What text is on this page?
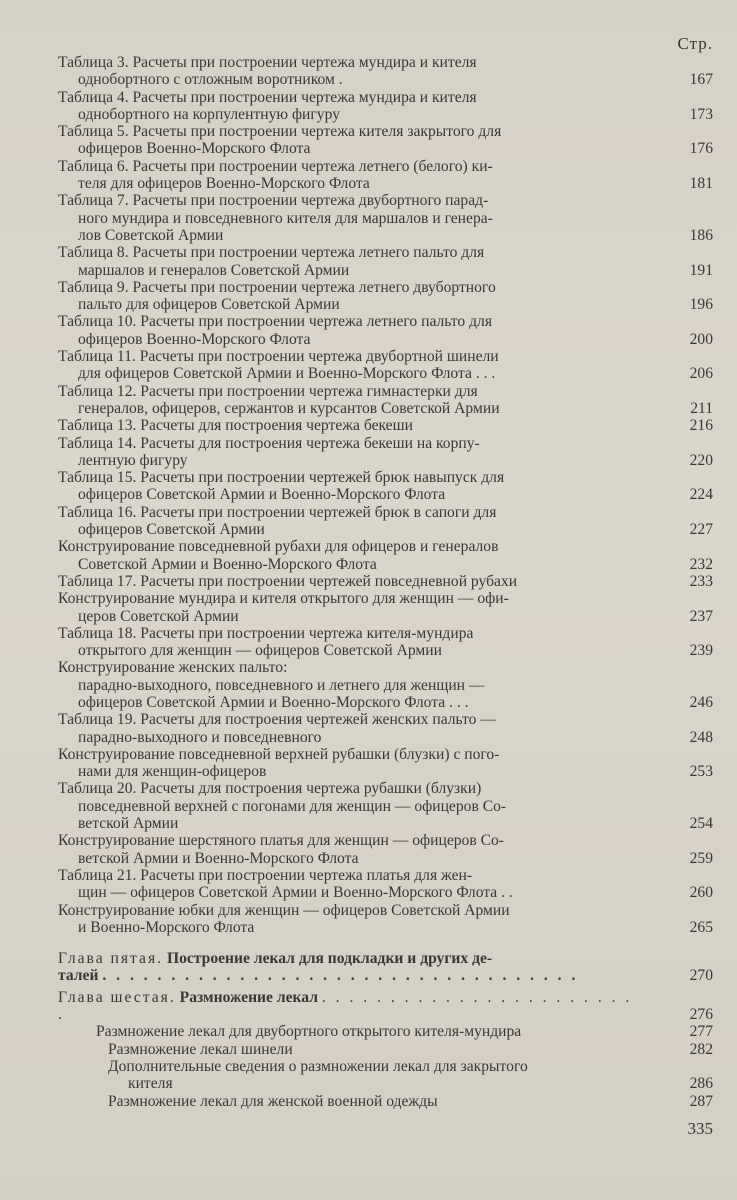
Стр.
Таблица 3. Расчеты при построении чертежа мундира и кителя
однобортного с отложным воротником .	167
Таблица 4. Расчеты при построении чертежа мундира и кителя
однобортного на корпулентную фигуру	173
Таблица 5. Расчеты при построении чертежа кителя закрытого для
офицеров Военно-Морского Флота	176
Таблица 6. Расчеты при построении чертежа летнего (белого) ки-
теля для офицеров Военно-Морского Флота	181
Таблица 7. Расчеты при построении чертежа двубортного парад-
ного мундира и повседневного кителя для маршалов и генера-
лов Советской Армии	186
Таблица 8. Расчеты при построении чертежа летнего пальто для
маршалов и генералов Советской Армии	191
Таблица 9. Расчеты при построении чертежа летнего двубортного
пальто для офицеров Советской Армии	196
Таблица 10. Расчеты при построении чертежа летнего пальто для
офицеров Военно-Морского Флота	200
Таблица 11. Расчеты при построении чертежа двубортной шинели
для офицеров Советской Армии и Военно-Морского Флота . . .	206
Таблица 12. Расчеты при построении чертежа гимнастерки для
генералов, офицеров, сержантов и курсантов Советской Армии	211
Таблица 13. Расчеты для построения чертежа бекеши	216
Таблица 14. Расчеты для построения чертежа бекеши на корпу-
лентную фигуру	220
Таблица 15. Расчеты при построении чертежей брюк навыпуск для
офицеров Советской Армии и Военно-Морского Флота	224
Таблица 16. Расчеты при построении чертежей брюк в сапоги для
офицеров Советской Армии	227
Конструирование повседневной рубахи для офицеров и генералов
Советской Армии и Военно-Морского Флота	232
Таблица 17. Расчеты при построении чертежей повседневной рубахи	233
Конструирование мундира и кителя открытого для женщин — офи-
церов Советской Армии	237
Таблица 18. Расчеты при построении чертежа кителя-мундира
открытого для женщин — офицеров Советской Армии	239
Конструирование женских пальто:
парадно-выходного, повседневного и летнего для женщин —
офицеров Советской Армии и Военно-Морского Флота . . .	246
Таблица 19. Расчеты для построения чертежей женских пальто —
парадно-выходного и повседневного	248
Конструирование повседневной верхней рубашки (блузки) с пого-
нами для женщин-офицеров	253
Таблица 20. Расчеты для построения чертежа рубашки (блузки)
повседневной верхней с погонами для женщин — офицеров Со-
ветской Армии	254
Конструирование шерстяного платья для женщин — офицеров Со-
ветской Армии и Военно-Морского Флота	259
Таблица 21. Расчеты при построении чертежа платья для жен-
щин — офицеров Советской Армии и Военно-Морского Флота . .	260
Конструирование юбки для женщин — офицеров Советской Армии
и Военно-Морского Флота	265
Глава пятая. Построение лекал для подкладки и других де-
талей . . . . . . . . . . . . . . . . . . . . . . . . . . . . . . . . . . .	270
Глава шестая. Размножение лекал . . . . . . . . . . . . . . . . . . . . . . . .	276
Размножение лекал для двубортного открытого кителя-мундира	277
Размножение лекал шинели	282
Дополнительные сведения о размножении лекал для закрытого
кителя	286
Размножение лекал для женской военной одежды	287
335
